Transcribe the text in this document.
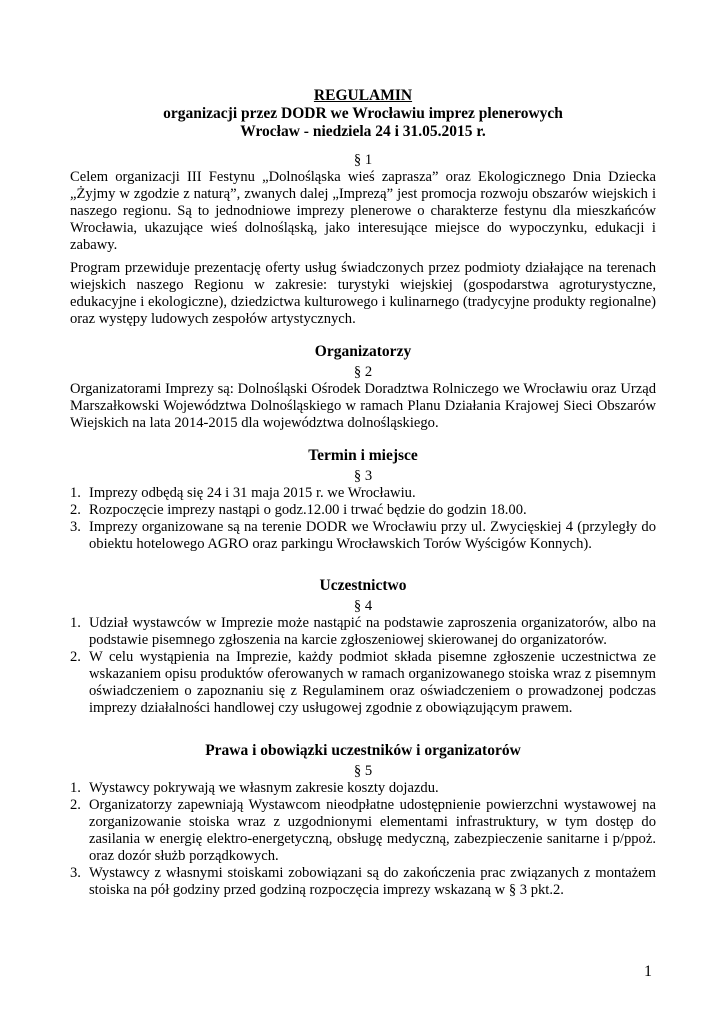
REGULAMIN
organizacji przez DODR we Wrocławiu imprez plenerowych
Wrocław - niedziela 24 i 31.05.2015 r.
§ 1
Celem organizacji III Festynu „Dolnośląska wieś zaprasza” oraz Ekologicznego Dnia Dziecka „Żyjmy w zgodzie z naturą”, zwanych dalej „Imprezą” jest promocja rozwoju obszarów wiejskich i naszego regionu. Są to jednodniowe imprezy plenerowe o charakterze festynu dla mieszkańców Wrocławia, ukazujące wieś dolnośląską, jako interesujące miejsce do wypoczynku, edukacji i zabawy.
Program przewiduje prezentację oferty usług świadczonych przez podmioty działające na terenach wiejskich naszego Regionu w zakresie: turystyki wiejskiej (gospodarstwa agroturystyczne, edukacyjne i ekologiczne), dziedzictwa kulturowego i kulinarnego (tradycyjne produkty regionalne) oraz występy ludowych zespołów artystycznych.
Organizatorzy
§ 2
Organizatorami Imprezy są: Dolnośląski Ośrodek Doradztwa Rolniczego we Wrocławiu oraz Urząd Marszałkowski Województwa Dolnośląskiego w ramach Planu Działania Krajowej Sieci Obszarów Wiejskich na lata 2014-2015 dla województwa dolnośląskiego.
Termin i miejsce
§ 3
1. Imprezy odbędą się 24 i 31 maja 2015 r. we Wrocławiu.
2. Rozpoczęcie imprezy nastąpi o godz.12.00 i trwać będzie do godzin 18.00.
3. Imprezy organizowane są na terenie DODR we Wrocławiu przy ul. Zwycięskiej 4 (przyległy do obiektu hotelowego AGRO oraz parkingu Wrocławskich Torów Wyścigów Konnych).
Uczestnictwo
§ 4
1. Udział wystawców w Imprezie może nastąpić na podstawie zaproszenia organizatorów, albo na podstawie pisemnego zgłoszenia na karcie zgłoszeniowej skierowanej do organizatorów.
2. W celu wystąpienia na Imprezie, każdy podmiot składa pisemne zgłoszenie uczestnictwa ze wskazaniem opisu produktów oferowanych w ramach organizowanego stoiska wraz z pisemnym oświadczeniem o zapoznaniu się z Regulaminem oraz oświadczeniem o prowadzonej podczas imprezy działalności handlowej czy usługowej zgodnie z obowiązującym prawem.
Prawa i obowiązki uczestników i organizatorów
§ 5
1. Wystawcy pokrywają we własnym zakresie koszty dojazdu.
2. Organizatorzy zapewniają Wystawcom nieodpłatne udostępnienie powierzchni wystawowej na zorganizowanie stoiska wraz z uzgodnionymi elementami infrastruktury, w tym dostęp do zasilania w energię elektro-energetyczną, obsługę medyczną, zabezpieczenie sanitarne i p/ppoż. oraz dozór służb porządkowych.
3. Wystawcy z własnymi stoiskami zobowiązani są do zakończenia prac związanych z montażem stoiska na pół godziny przed godziną rozpoczęcia imprezy wskazaną w § 3 pkt.2.
1
